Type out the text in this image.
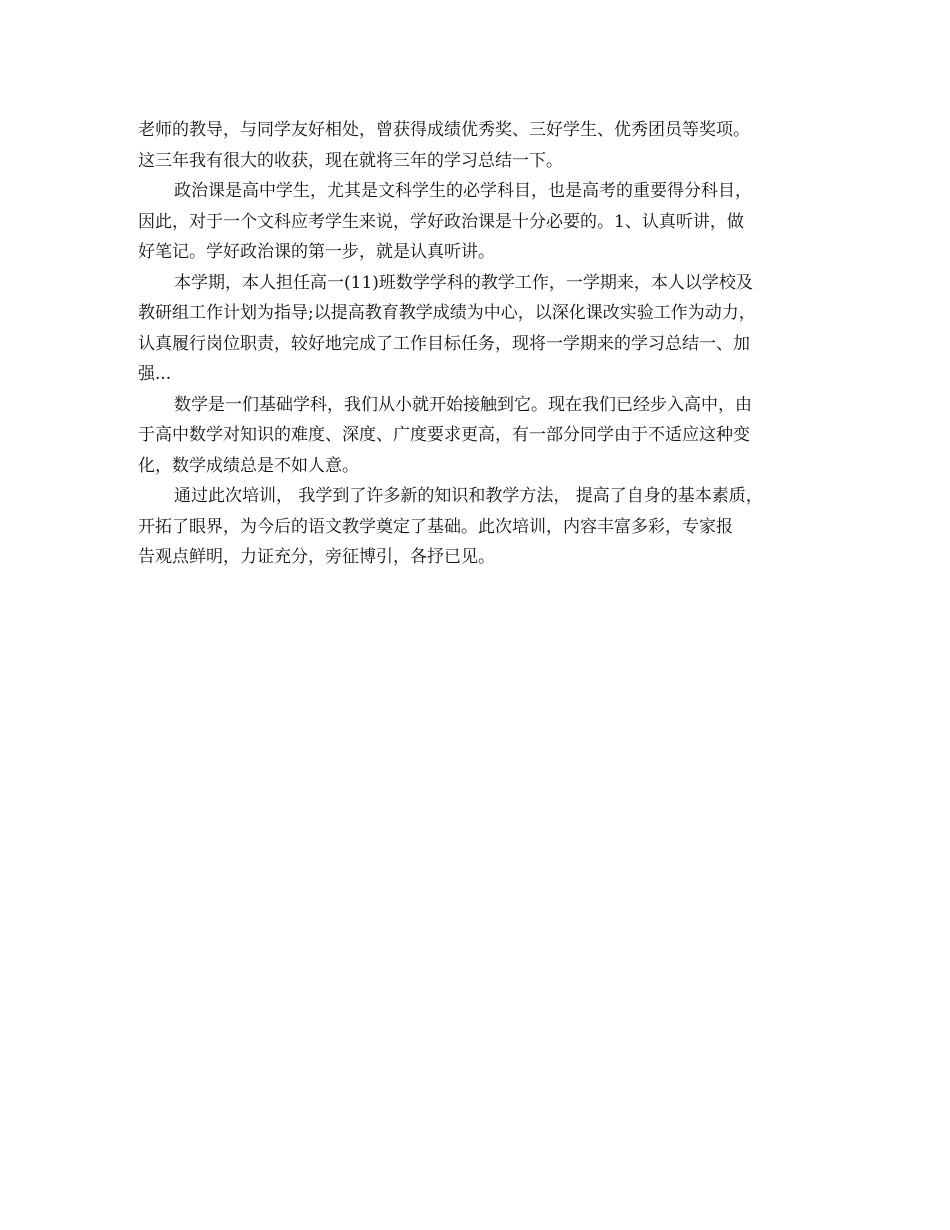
老师的教导，与同学友好相处，曾获得成绩优秀奖、三好学生、优秀团员等奖项。
这三年我有很大的收获，现在就将三年的学习总结一下。
政治课是高中学生，尤其是文科学生的必学科目，也是高考的重要得分科目，
因此，对于一个文科应考学生来说，学好政治课是十分必要的。1、认真听讲，做
好笔记。学好政治课的第一步，就是认真听讲。
本学期，本人担任高一(11)班数学学科的教学工作，一学期来，本人以学校及
教研组工作计划为指导;以提高教育教学成绩为中心，以深化课改实验工作为动力，
认真履行岗位职责，较好地完成了工作目标任务，现将一学期来的学习总结一、加
强...
数学是一们基础学科，我们从小就开始接触到它。现在我们已经步入高中，由
于高中数学对知识的难度、深度、广度要求更高，有一部分同学由于不适应这种变
化，数学成绩总是不如人意。
通过此次培训， 我学到了许多新的知识和教学方法， 提高了自身的基本素质，
开拓了眼界，为今后的语文教学奠定了基础。此次培训，内容丰富多彩，专家报
告观点鲜明，力证充分，旁征博引，各抒已见。
